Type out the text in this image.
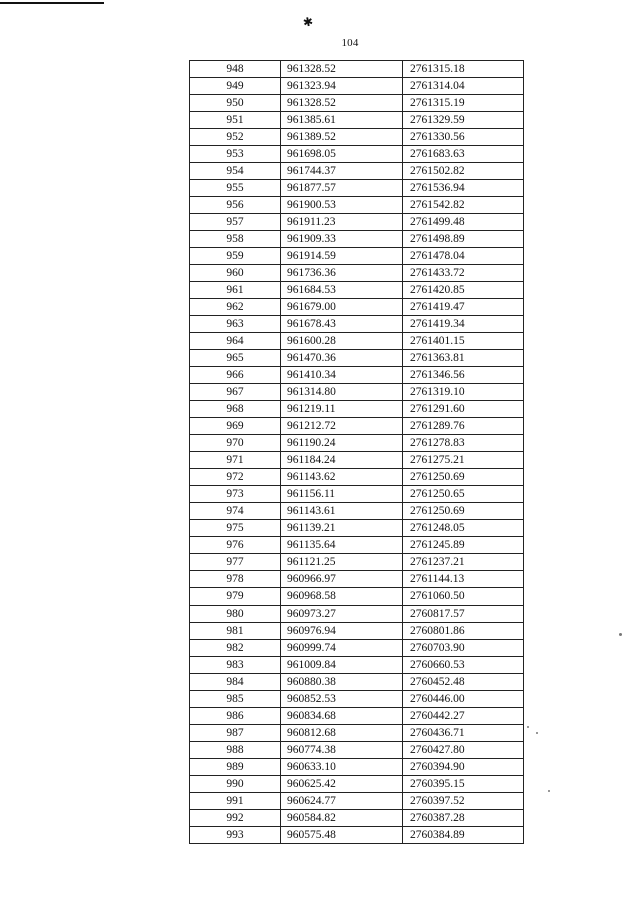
✱
104
948	961328.52	2761315.18
949	961323.94	2761314.04
950	961328.52	2761315.19
951	961385.61	2761329.59
952	961389.52	2761330.56
953	961698.05	2761683.63
954	961744.37	2761502.82
955	961877.57	2761536.94
956	961900.53	2761542.82
957	961911.23	2761499.48
958	961909.33	2761498.89
959	961914.59	2761478.04
960	961736.36	2761433.72
961	961684.53	2761420.85
962	961679.00	2761419.47
963	961678.43	2761419.34
964	961600.28	2761401.15
965	961470.36	2761363.81
966	961410.34	2761346.56
967	961314.80	2761319.10
968	961219.11	2761291.60
969	961212.72	2761289.76
970	961190.24	2761278.83
971	961184.24	2761275.21
972	961143.62	2761250.69
973	961156.11	2761250.65
974	961143.61	2761250.69
975	961139.21	2761248.05
976	961135.64	2761245.89
977	961121.25	2761237.21
978	960966.97	2761144.13
979	960968.58	2761060.50
980	960973.27	2760817.57
981	960976.94	2760801.86
982	960999.74	2760703.90
983	961009.84	2760660.53
984	960880.38	2760452.48
985	960852.53	2760446.00
986	960834.68	2760442.27
987	960812.68	2760436.71
988	960774.38	2760427.80
989	960633.10	2760394.90
990	960625.42	2760395.15
991	960624.77	2760397.52
992	960584.82	2760387.28
993	960575.48	2760384.89
